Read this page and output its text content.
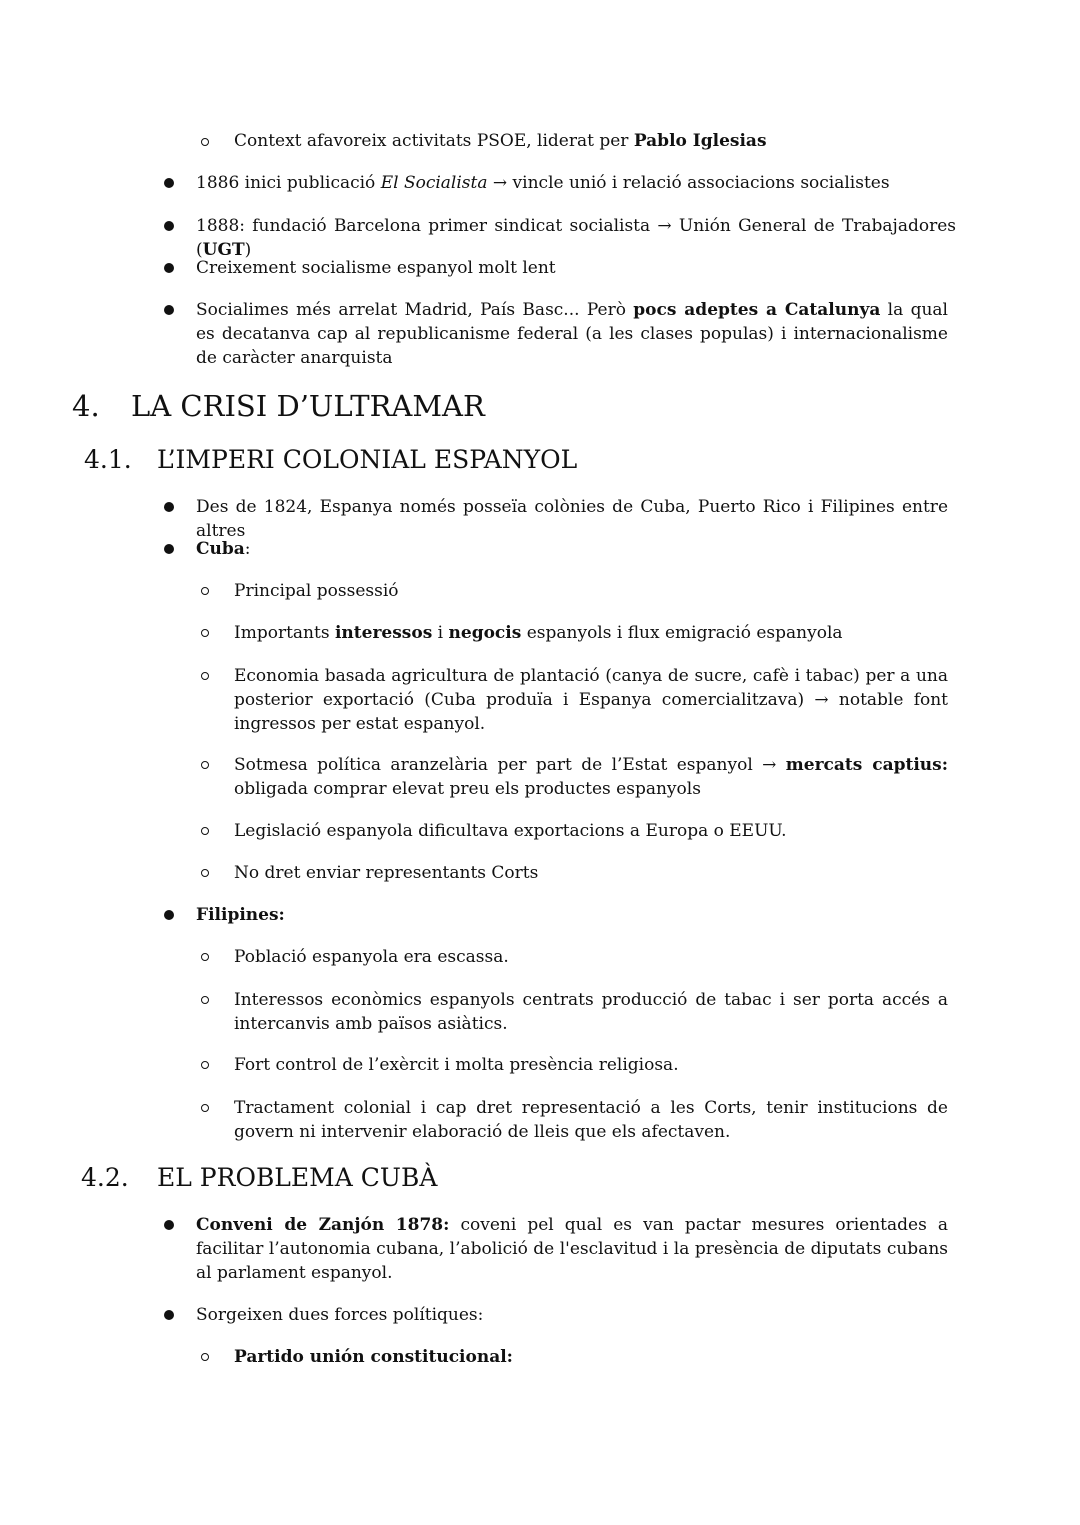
Context afavoreix activitats PSOE, liderat per Pablo Iglesias
1886 inici publicació El Socialista → vincle unió i relació associacions socialistes
1888: fundació Barcelona primer sindicat socialista → Unión General de Trabajadores (UGT)
Creixement socialisme espanyol molt lent
Socialimes més arrelat Madrid, País Basc... Però pocs adeptes a Catalunya la qual es decatanva cap al republicanisme federal (a les clases populas) i internacionalisme de caràcter anarquista
4. LA CRISI D’ULTRAMAR
4.1. L’IMPERI COLONIAL ESPANYOL
Des de 1824, Espanya només posseïa colònies de Cuba, Puerto Rico i Filipines entre altres
Cuba:
Principal possessió
Importants interessos i negocis espanyols i flux emigració espanyola
Economia basada agricultura de plantació (canya de sucre, cafè i tabac) per a una posterior exportació (Cuba produïa i Espanya comercialitzava) → notable font ingressos per estat espanyol.
Sotmesa política aranzelària per part de l’Estat espanyol → mercats captius: obligada comprar elevat preu els productes espanyols
Legislació espanyola dificultava exportacions a Europa o EEUU.
No dret enviar representants Corts
Filipines:
Població espanyola era escassa.
Interessos econòmics espanyols centrats producció de tabac i ser porta accés a intercanvis amb països asiàtics.
Fort control de l’exèrcit i molta presència religiosa.
Tractament colonial i cap dret representació a les Corts, tenir institucions de govern ni intervenir elaboració de lleis que els afectaven.
4.2. EL PROBLEMA CUBÀ
Conveni de Zanjón 1878: coveni pel qual es van pactar mesures orientades a facilitar l’autonomia cubana, l’abolició de l'esclavitud i la presència de diputats cubans al parlament espanyol.
Sorgeixen dues forces polítiques:
Partido unión constitucional:
